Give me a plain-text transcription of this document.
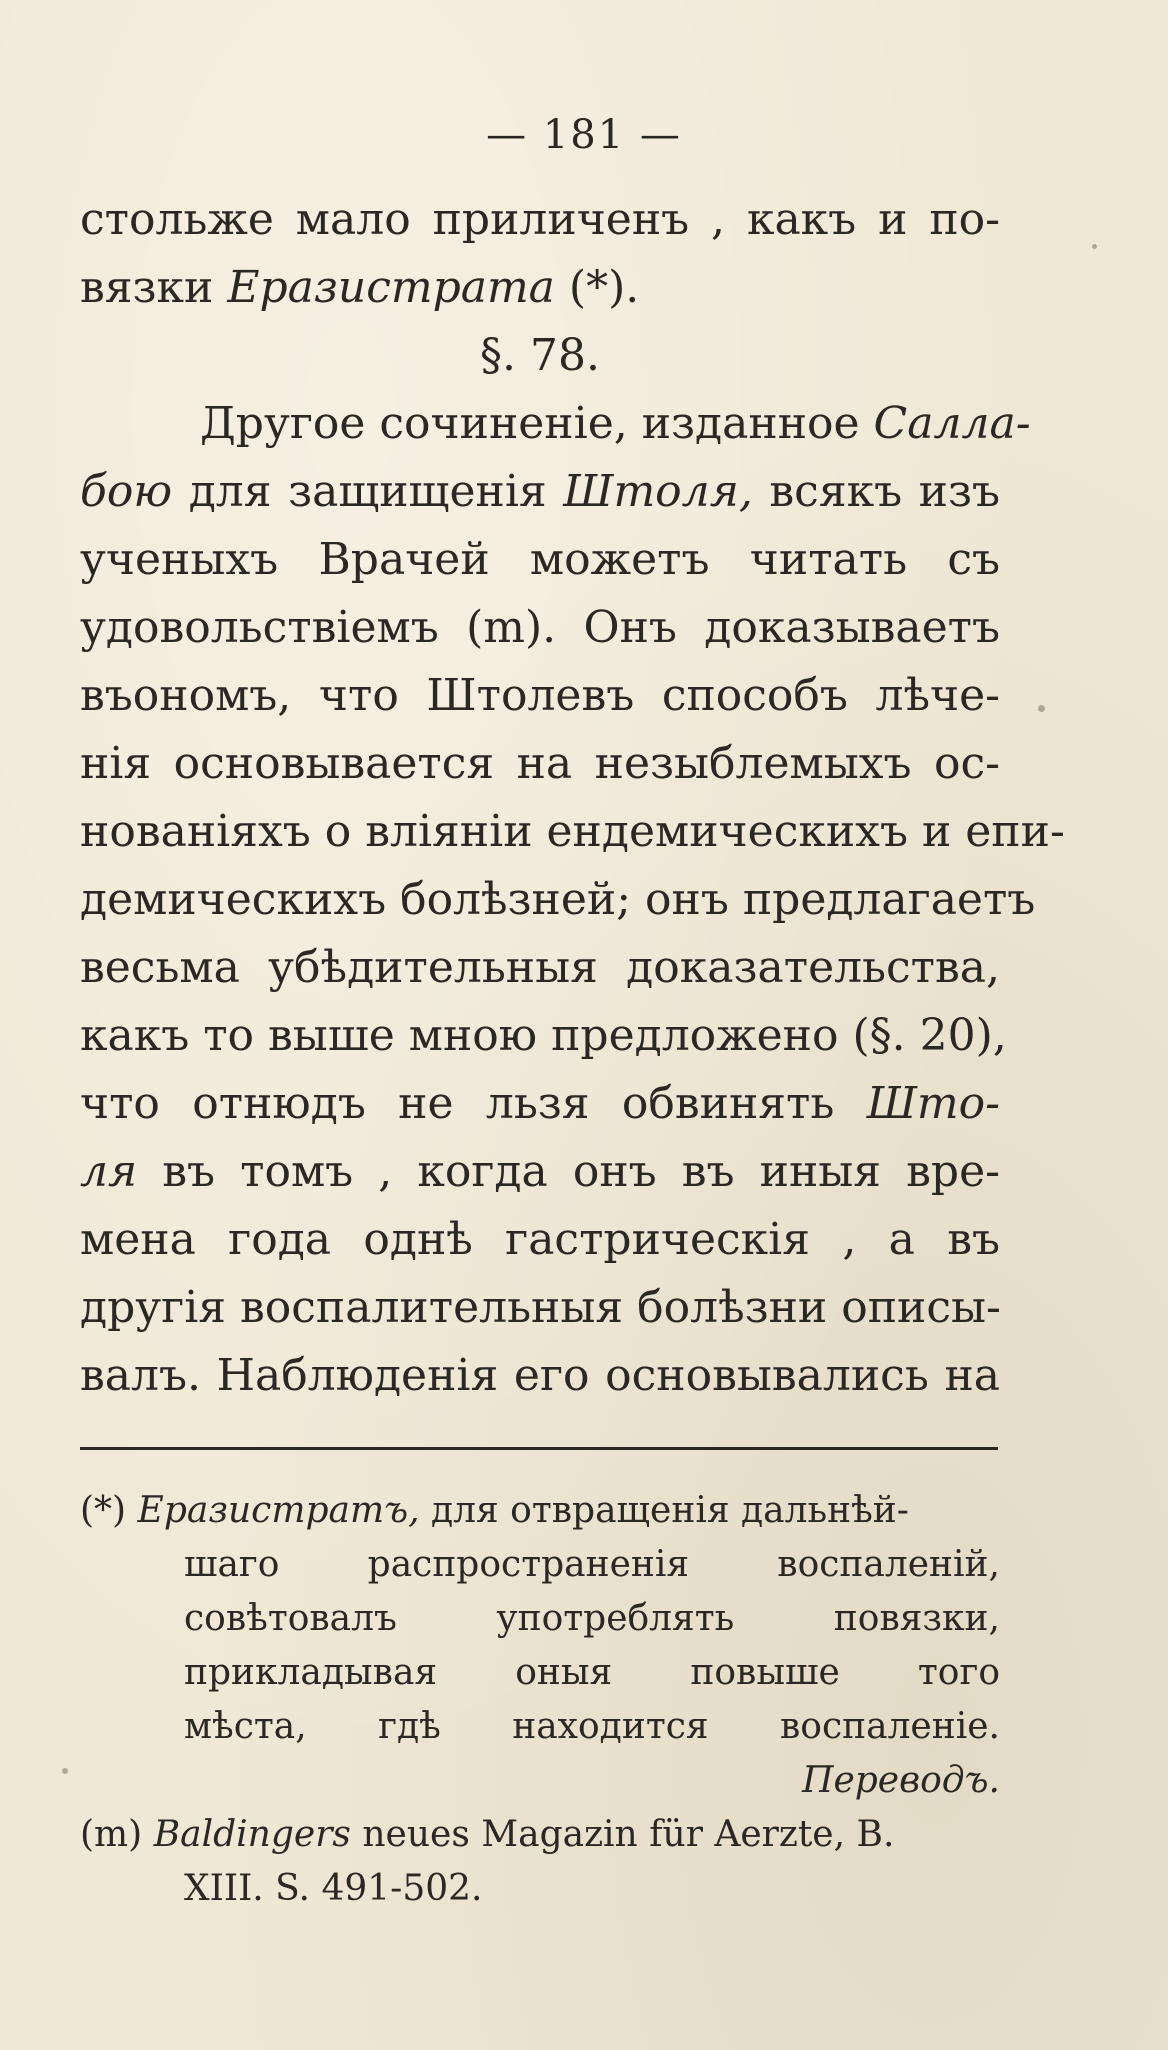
— 181 —
стольже мало приличенъ , какъ и по-
вязки Еразистрата (*).
§. 78.
Другое сочиненіе, изданное Салла-
бою для защищенія Штоля, всякъ изъ
ученыхъ Врачей можетъ читать съ
удовольствіемъ (m). Онъ доказываетъ
въономъ, что Штолевъ способъ лѣче-
нія основывается на незыблемыхъ ос-
нованіяхъ о вліяніи ендемическихъ и епи-
демическихъ болѣзней; онъ предлагаетъ
весьма убѣдительныя доказательства,
какъ то выше мною предложено (§. 20),
что отнюдъ не льзя обвинять Што-
ля въ томъ , когда онъ въ иныя вре-
мена года однѣ гастрическія , а въ
другія воспалительныя болѣзни описы-
валъ. Наблюденія его основывались на
(*) Еразистратъ, для отвращенія дальнѣй-
шаго распространенія воспаленій,
совѣтовалъ употреблять повязки,
прикладывая оныя повыше того
мѣста, гдѣ находится воспаленіе.
Переводъ.
(m) Baldingers neues Magazin für Aerzte, B.
XIII. S. 491-502.
